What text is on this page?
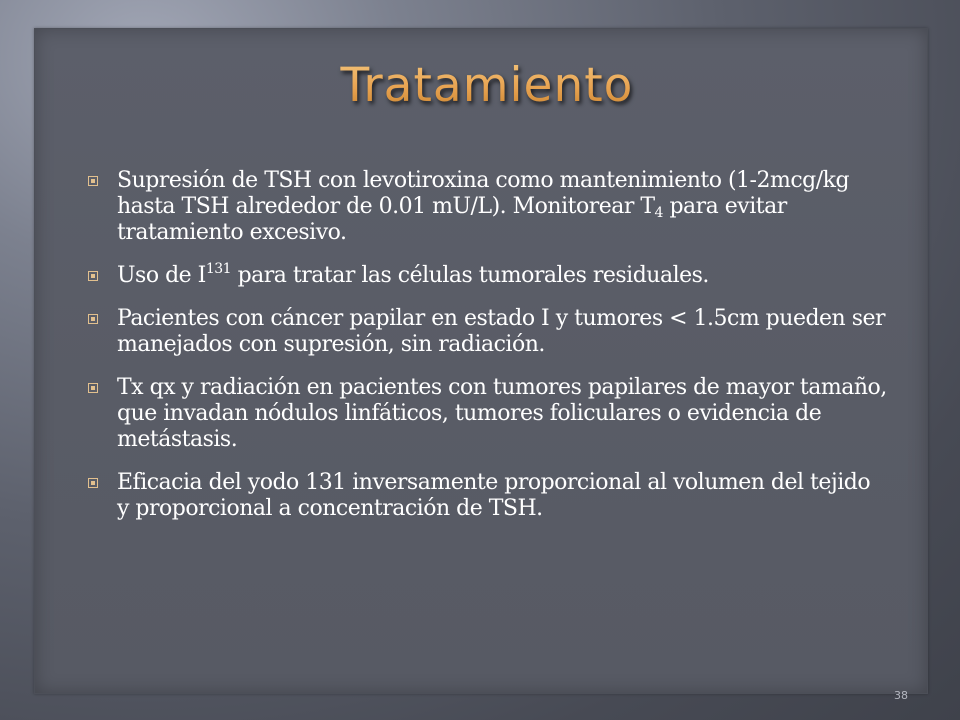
Tratamiento
Supresión de TSH con levotiroxina como mantenimiento (1-2mcg/kg hasta TSH alrededor de 0.01 mU/L). Monitorear $T_4$ para evitar tratamiento excesivo.
Uso de $I^{131}$ para tratar las células tumorales residuales.
Pacientes con cáncer papilar en estado I y tumores < 1.5cm pueden ser manejados con supresión, sin radiación.
Tx qx y radiación en pacientes con tumores papilares de mayor tamaño, que invadan nódulos linfáticos, tumores foliculares o evidencia de metástasis.
Eficacia del yodo 131 inversamente proporcional al volumen del tejido y proporcional a concentración de TSH.
38
